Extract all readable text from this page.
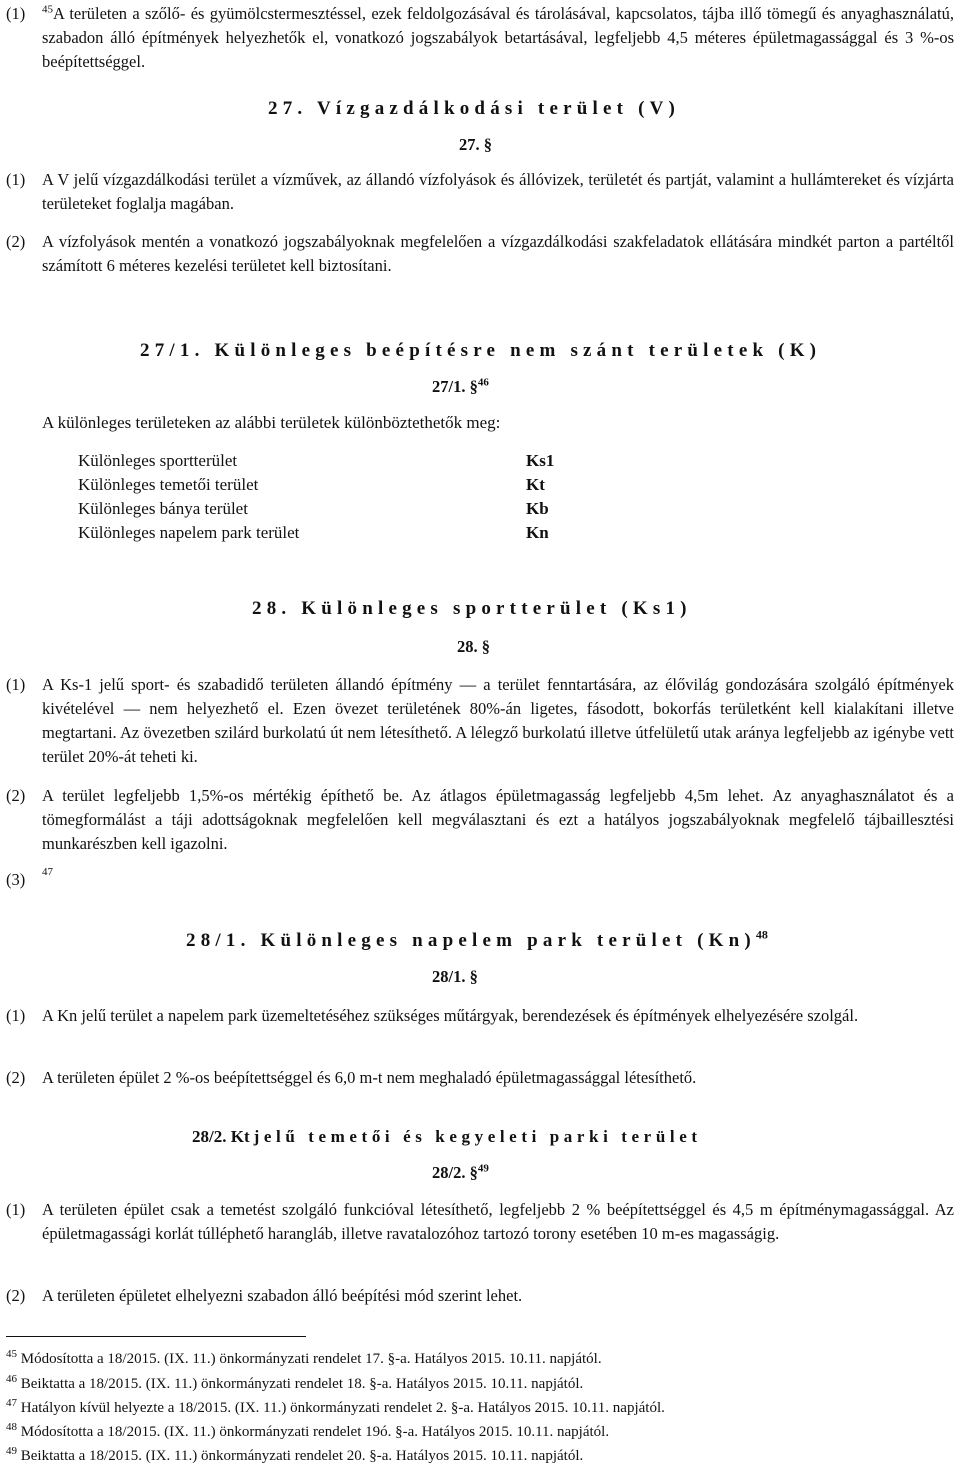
(1) $^{45}$A területen a szőlő- és gyümölcstermesztéssel, ezek feldolgozásával és tárolásával, kapcsolatos, tájba illő tömegű és anyaghasználatú, szabadon álló építmények helyezhetők el, vonatkozó jogszabályok betartásával, legfeljebb 4,5 méteres épületmagassággal és 3 %-os beépítettséggel.
27. Vízgazdálkodási terület (V)
27. §
(1) A V jelű vízgazdálkodási terület a vízművek, az állandó vízfolyások és állóvizek, területét és partját, valamint a hullámtereket és vízjárta területeket foglalja magában.
(2) A vízfolyások mentén a vonatkozó jogszabályoknak megfelelően a vízgazdálkodási szakfeladatok ellátására mindkét parton a partéltől számított 6 méteres kezelési területet kell biztosítani.
27/1. Különleges beépítésre nem szánt területek (K)
27/1. §$^{46}$
A különleges területeken az alábbi területek különböztethetők meg:
Különleges sportterület	Ks1
Különleges temetői terület	Kt
Különleges bánya terület	Kb
Különleges napelem park terület	Kn
28. Különleges sportterület (Ks1)
28. §
(1) A Ks-1 jelű sport- és szabadidő területen állandó építmény — a terület fenntartására, az élővilág gondozására szolgáló építmények kivételével — nem helyezhető el. Ezen övezet területének 80%-án ligetes, fásodott, bokorfás területként kell kialakítani illetve megtartani. Az övezetben szilárd burkolatú út nem létesíthető. A lélegző burkolatú illetve útfelületű utak aránya legfeljebb az igénybe vett terület 20%-át teheti ki.
(2) A terület legfeljebb 1,5%-os mértékig építhető be. Az átlagos épületmagasság legfeljebb 4,5m lehet. Az anyaghasználatot és a tömegformálást a táji adottságoknak megfelelően kell megválasztani és ezt a hatályos jogszabályoknak megfelelő tájbaillesztési munkarészben kell igazolni.
(3) 47
28/1. Különleges napelem park terület $(Kn)^{48}$
28/1. §
(1) A Kn jelű terület a napelem park üzemeltetéséhez szükséges műtárgyak, berendezések és építmények elhelyezésére szolgál.
(2) A területen épület 2 %-os beépítettséggel és 6,0 m-t nem meghaladó épületmagassággal létesíthető.
28/2. Kt jelű temetői és kegyeleti parki terület
28/2. §$^{49}$
(1) A területen épület csak a temetést szolgáló funkcióval létesíthető, legfeljebb 2 % beépítettséggel és 4,5 m építménymagassággal. Az épületmagassági korlát túlléphető harangláb, illetve ravatalozóhoz tartozó torony esetében 10 m-es magasságig.
(2) A területen épületet elhelyezni szabadon álló beépítési mód szerint lehet.
$^{45}$ Módosította a 18/2015. (IX. 11.) önkormányzati rendelet 17. §-a. Hatályos 2015. 10.11. napjától.
$^{46}$ Beiktatta a 18/2015. (IX. 11.) önkormányzati rendelet 18. §-a. Hatályos 2015. 10.11. napjától.
$^{47}$ Hatályon kívül helyezte a 18/2015. (IX. 11.) önkormányzati rendelet 2. §-a. Hatályos 2015. 10.11. napjától.
$^{48}$ Módosította a 18/2015. (IX. 11.) önkormányzati rendelet 19ó. §-a. Hatályos 2015. 10.11. napjától.
$^{49}$ Beiktatta a 18/2015. (IX. 11.) önkormányzati rendelet 20. §-a. Hatályos 2015. 10.11. napjától.
